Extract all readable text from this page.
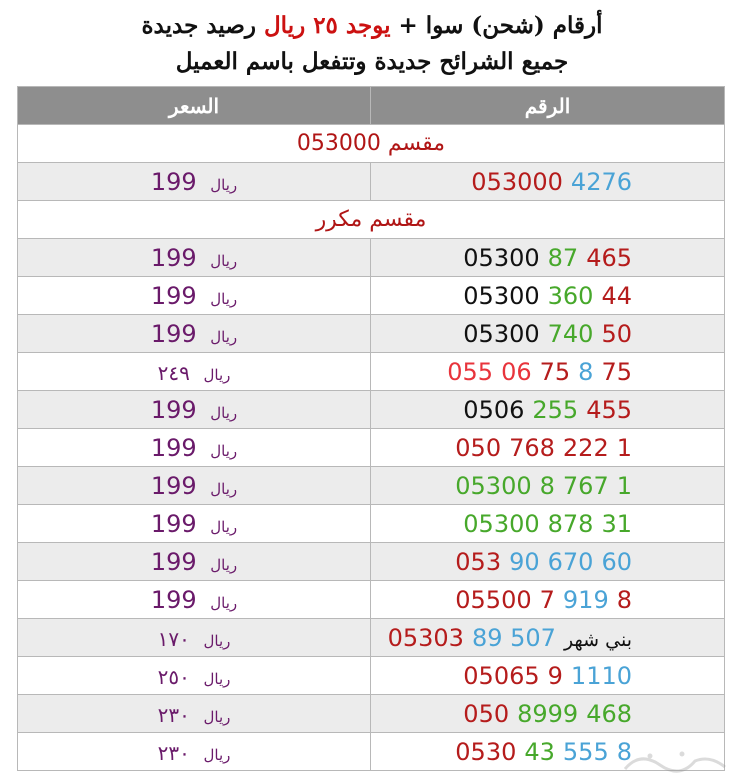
أرقام (شحن) سوا + يوجد ٢٥ ريال رصيد جديدة
جميع الشرائح جديدة وتتفعل باسم العميل
السعر	الرقم
مقسم 053000	
ريال 199	053000 4276
مقسم مكرر	
ريال 199	05300 87 465
ريال 199	05300 360 44
ريال 199	05300 740 50
ريال ٢٤٩	055 06 75 8 75
ريال 199	0506 255 455
ريال 199	050 768 222 1
ريال 199	05300 8 767 1
ريال 199	05300 878 31
ريال 199	053 90 670 60
ريال 199	05500 7 919 8
ريال ١٧٠	05303 89 507 بني شهر
ريال ٢٥٠	05065 9 1110
ريال ٢٣٠	050 8999 468
ريال ٢٣٠	0530 43 555 8
